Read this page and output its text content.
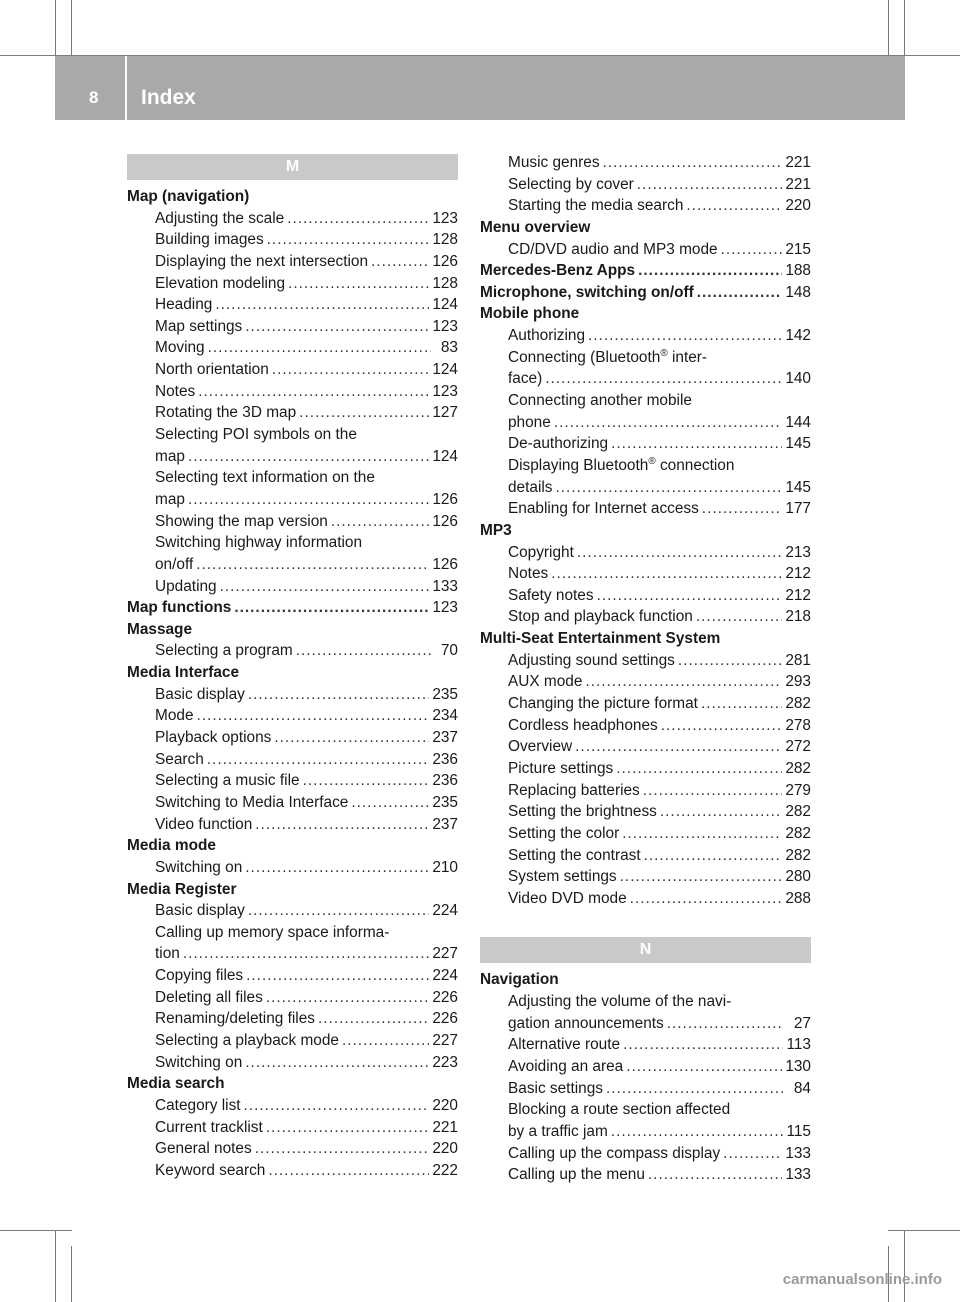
8 Index
M
Map (navigation)
Adjusting the scale .....	123
Building images .....	128
Displaying the next intersection .....	126
Elevation modeling .....	128
Heading .....	124
Map settings .....	123
Moving .....	83
North orientation .....	124
Notes .....	123
Rotating the 3D map .....	127
Selecting POI symbols on the
map .....	124
Selecting text information on the
map .....	126
Showing the map version .....	126
Switching highway information
on/off .....	126
Updating .....	133
Map functions .....	123
Massage
Selecting a program .....	70
Media Interface
Basic display .....	235
Mode .....	234
Playback options .....	237
Search .....	236
Selecting a music file .....	236
Switching to Media Interface .....	235
Video function .....	237
Media mode
Switching on .....	210
Media Register
Basic display .....	224
Calling up memory space informa-
tion .....	227
Copying files .....	224
Deleting all files .....	226
Renaming/deleting files .....	226
Selecting a playback mode .....	227
Switching on .....	223
Media search
Category list .....	220
Current tracklist .....	221
General notes .....	220
Keyword search .....	222
Music genres .....	221
Selecting by cover .....	221
Starting the media search .....	220
Menu overview
CD/DVD audio and MP3 mode .....	215
Mercedes-Benz Apps .....	188
Microphone, switching on/off .....	148
Mobile phone
Authorizing .....	142
Connecting (Bluetooth® inter-
face) .....	140
Connecting another mobile
phone .....	144
De-authorizing .....	145
Displaying Bluetooth® connection
details .....	145
Enabling for Internet access .....	177
MP3
Copyright .....	213
Notes .....	212
Safety notes .....	212
Stop and playback function .....	218
Multi-Seat Entertainment System
Adjusting sound settings .....	281
AUX mode .....	293
Changing the picture format .....	282
Cordless headphones .....	278
Overview .....	272
Picture settings .....	282
Replacing batteries .....	279
Setting the brightness .....	282
Setting the color .....	282
Setting the contrast .....	282
System settings .....	280
Video DVD mode .....	288
N
Navigation
Adjusting the volume of the navi-
gation announcements .....	27
Alternative route .....	113
Avoiding an area .....	130
Basic settings .....	84
Blocking a route section affected
by a traffic jam .....	115
Calling up the compass display .....	133
Calling up the menu .....	133
carmanualsonline.info
